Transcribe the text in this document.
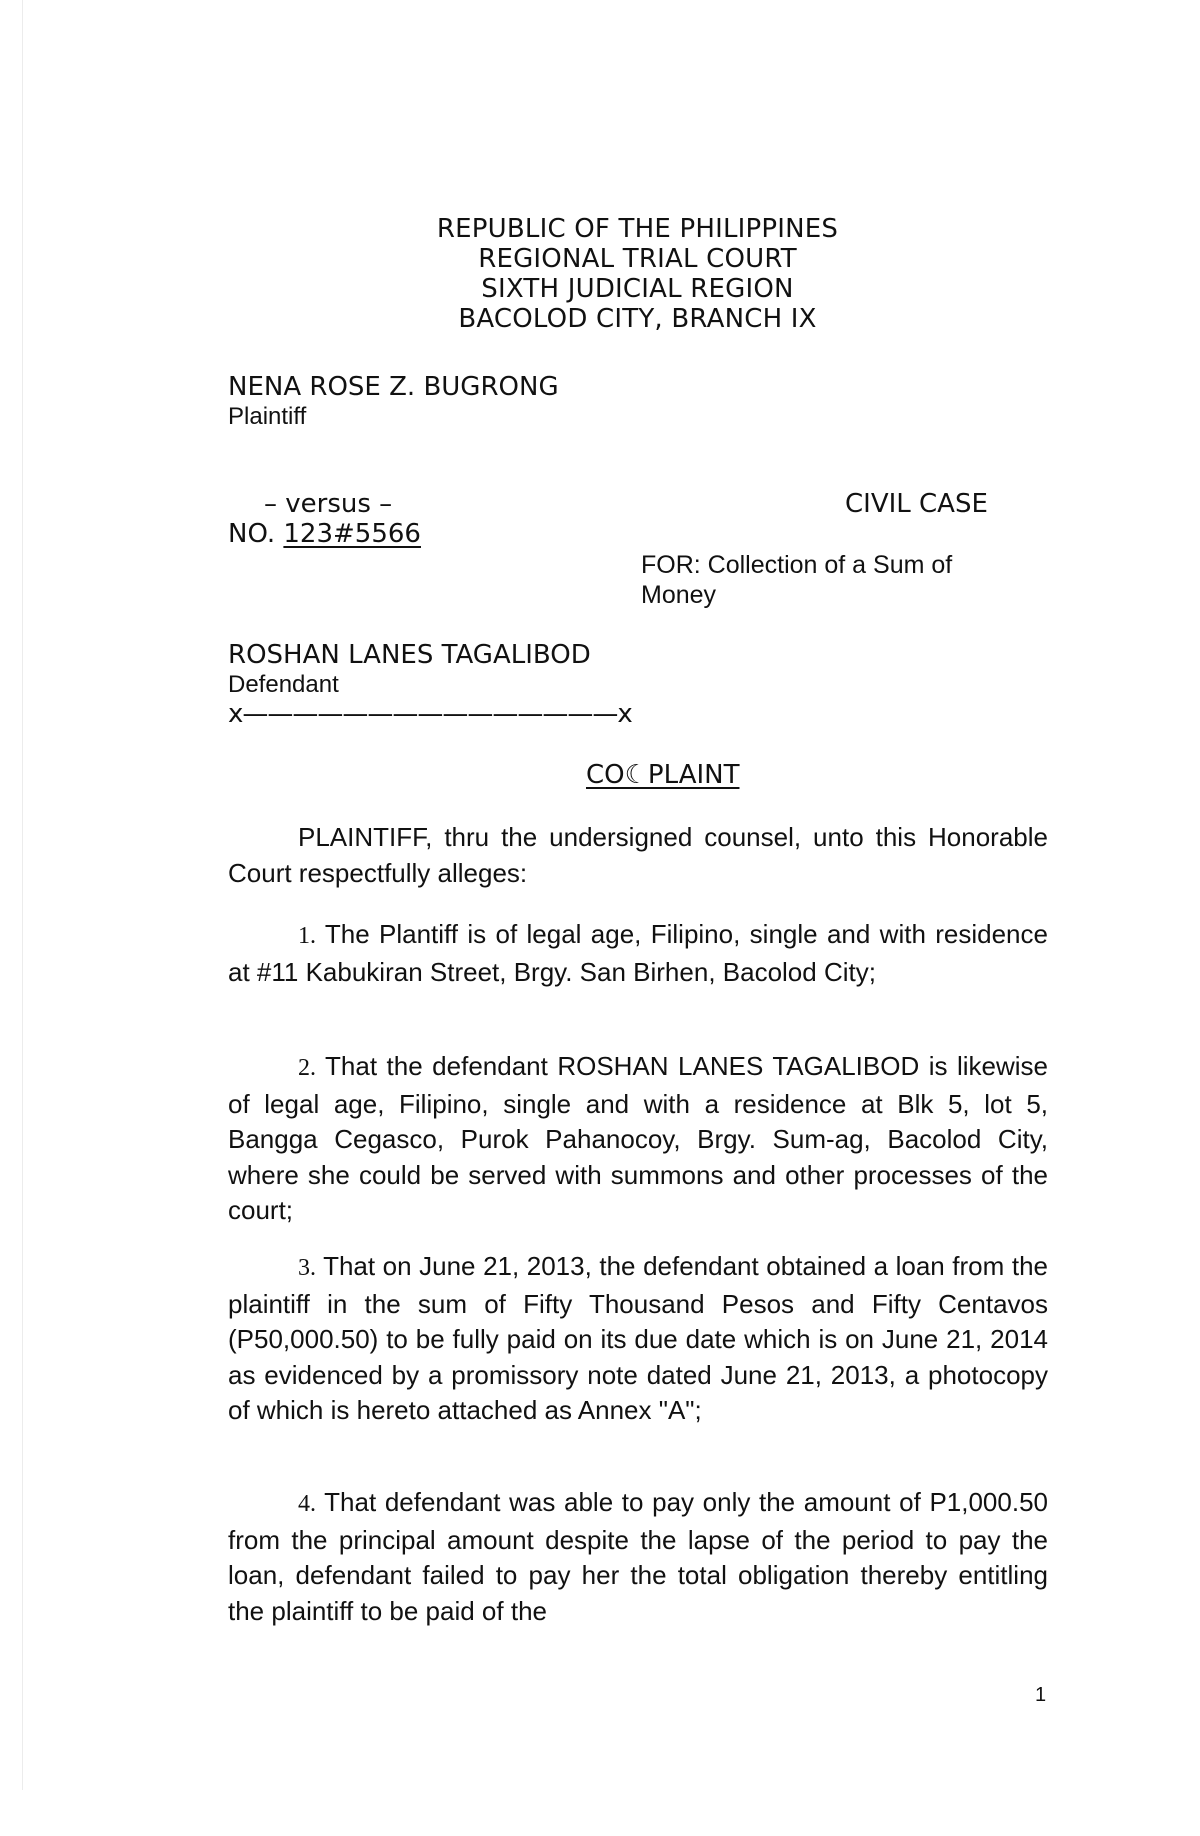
REPUBLIC OF THE PHILIPPINES
REGIONAL TRIAL COURT
SIXTH JUDICIAL REGION
BACOLOD CITY, BRANCH IX
NENA ROSE Z. BUGRONG
Plaintiff
– versus –	CIVIL CASE
NO. 123#5566
FOR: Collection of a Sum of Money
ROSHAN LANES TAGALIBOD
Defendant
x———————————————x
CO☾PLAINT
PLAINTIFF, thru the undersigned counsel, unto this Honorable Court respectfully alleges:
1. The Plantiff is of legal age, Filipino, single and with residence at #11 Kabukiran Street, Brgy. San Birhen, Bacolod City;
2. That the defendant ROSHAN LANES TAGALIBOD is likewise of legal age, Filipino, single and with a residence at Blk 5, lot 5, Bangga Cegasco, Purok Pahanocoy, Brgy. Sum-ag, Bacolod City, where she could be served with summons and other processes of the court;
3. That on June 21, 2013, the defendant obtained a loan from the plaintiff in the sum of Fifty Thousand Pesos and Fifty Centavos (P50,000.50) to be fully paid on its due date which is on June 21, 2014 as evidenced by a promissory note dated June 21, 2013, a photocopy of which is hereto attached as Annex "A";
4. That defendant was able to pay only the amount of P1,000.50 from the principal amount despite the lapse of the period to pay the loan, defendant failed to pay her the total obligation thereby entitling the plaintiff to be paid of the
1
